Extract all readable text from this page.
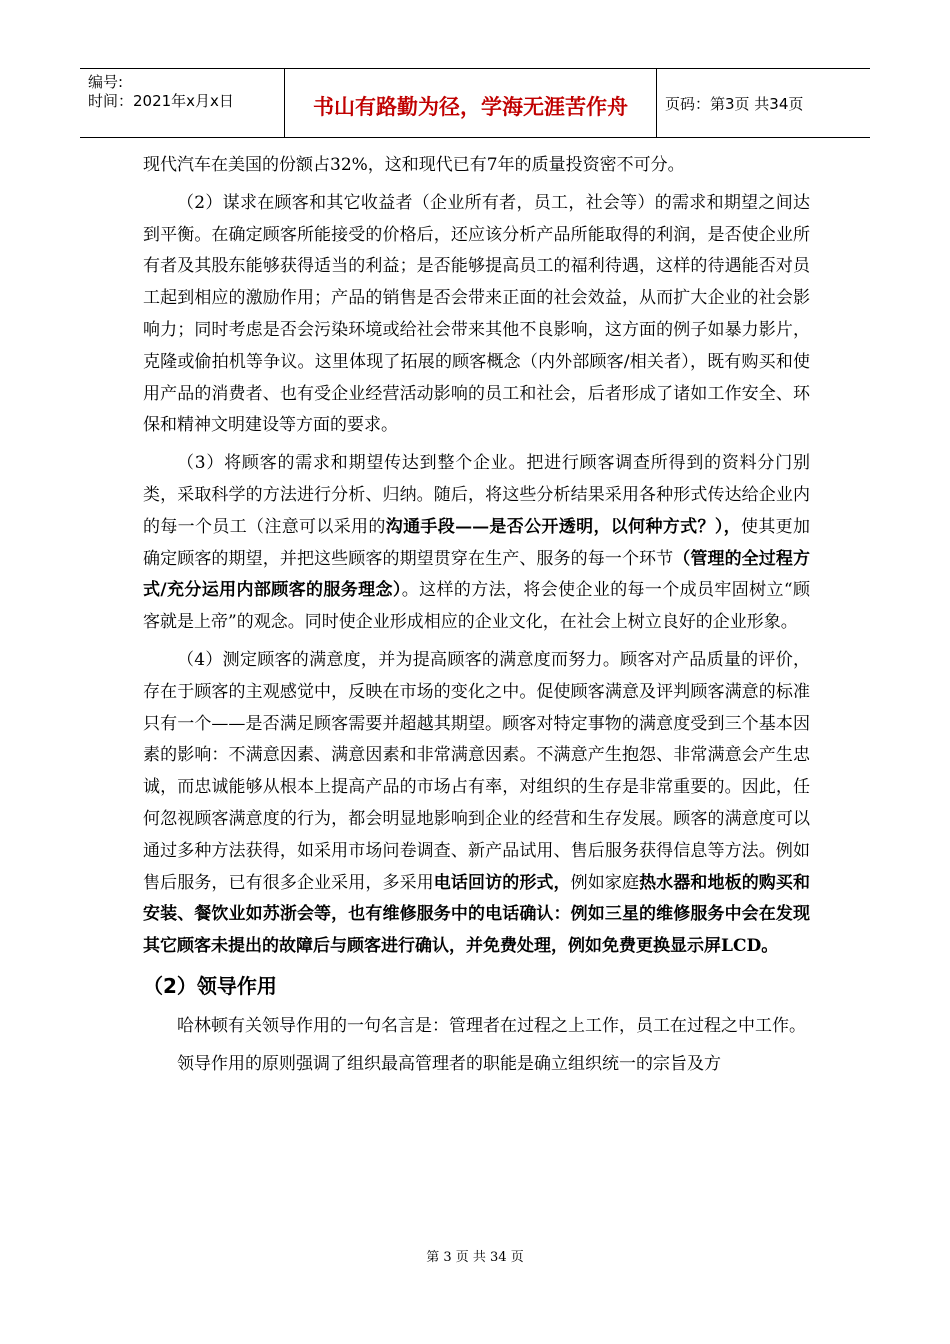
编号:
时间：2021年x月x日	书山有路勤为径，学海无涯苦作舟	页码：第3页 共34页

现代汽车在美国的份额占32%，这和现代已有7年的质量投资密不可分。

（2）谋求在顾客和其它收益者（企业所有者，员工，社会等）的需求和期望之间达到平衡。在确定顾客所能接受的价格后，还应该分析产品所能取得的利润，是否使企业所有者及其股东能够获得适当的利益；是否能够提高员工的福利待遇，这样的待遇能否对员工起到相应的激励作用；产品的销售是否会带来正面的社会效益，从而扩大企业的社会影响力；同时考虑是否会污染环境或给社会带来其他不良影响，这方面的例子如暴力影片，克隆或偷拍机等争议。这里体现了拓展的顾客概念（内外部顾客/相关者），既有购买和使用产品的消费者、也有受企业经营活动影响的员工和社会，后者形成了诸如工作安全、环保和精神文明建设等方面的要求。

（3）将顾客的需求和期望传达到整个企业。把进行顾客调查所得到的资料分门别类，采取科学的方法进行分析、归纳。随后，将这些分析结果采用各种形式传达给企业内的每一个员工（注意可以采用的沟通手段——是否公开透明，以何种方式？），使其更加确定顾客的期望，并把这些顾客的期望贯穿在生产、服务的每一个环节（管理的全过程方式/充分运用内部顾客的服务理念）。这样的方法，将会使企业的每一个成员牢固树立“顾客就是上帝”的观念。同时使企业形成相应的企业文化，在社会上树立良好的企业形象。

（4）测定顾客的满意度，并为提高顾客的满意度而努力。顾客对产品质量的评价，存在于顾客的主观感觉中，反映在市场的变化之中。促使顾客满意及评判顾客满意的标准只有一个——是否满足顾客需要并超越其期望。顾客对特定事物的满意度受到三个基本因素的影响：不满意因素、满意因素和非常满意因素。不满意产生抱怨、非常满意会产生忠诚，而忠诚能够从根本上提高产品的市场占有率，对组织的生存是非常重要的。因此，任何忽视顾客满意度的行为，都会明显地影响到企业的经营和生存发展。顾客的满意度可以通过多种方法获得，如采用市场问卷调查、新产品试用、售后服务获得信息等方法。例如售后服务，已有很多企业采用，多采用电话回访的形式，例如家庭热水器和地板的购买和安装、餐饮业如苏浙会等，也有维修服务中的电话确认：例如三星的维修服务中会在发现其它顾客未提出的故障后与顾客进行确认，并免费处理，例如免费更换显示屏LCD。

（2）领导作用

哈林顿有关领导作用的一句名言是：管理者在过程之上工作，员工在过程之中工作。

领导作用的原则强调了组织最高管理者的职能是确立组织统一的宗旨及方

第 3 页 共 34 页
